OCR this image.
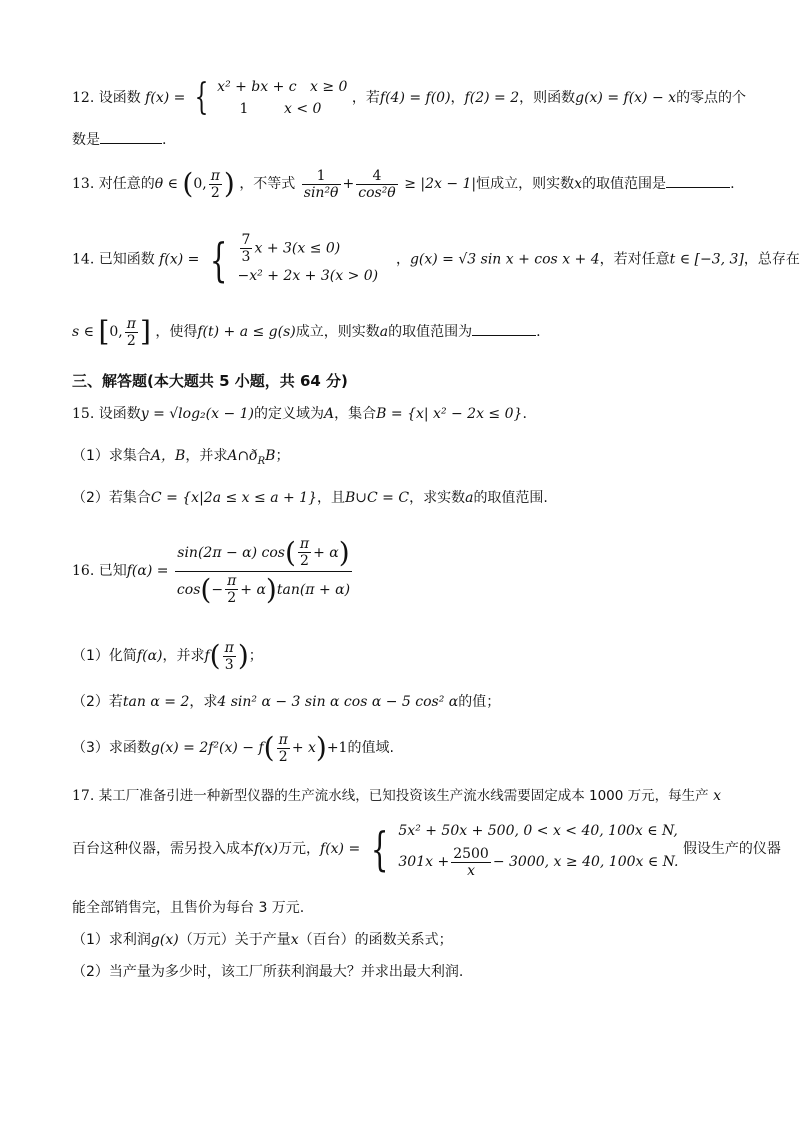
12. 设函数 f(x) = { x² + bx + c x ≥ 0
1	x < 0
，若f(4) = f(0)，f(2) = 2，则函数g(x) = f(x) − x的零点的个
数是	.
13. 对任意的θ ∈ (0, $\frac{\pi}{2}$ ) ，不等式 $\frac{1}{\text{sin²θ}} + \frac{4}{\text{cos²θ}} \ge |2x - 1|$恒成立，则实数x的取值范围是	.
14. 已知函数 f(x) = { $\frac{7}{3}$ x + 3(x ≤ 0)
−x² + 2x + 3(x > 0)
，g(x) = √3 sin x + cos x + 4，若对任意t ∈ [−3, 3]，总存在
s ∈ [0, $\frac{\pi}{2}$ ] ，使得f(t) + a ≤ g(s)成立，则实数a的取值范围为	.
三、解答题(本大题共 5 小题，共 64 分)
15. 设函数y = √log₂(x − 1)的定义域为A，集合B = {x| x² − 2x ≤ 0}.
（1）求集合A，B，并求$A\cap ð_RB$；
（2）若集合C = {x|2a ≤ x ≤ a + 1}，且B∪C = C，求实数a的取值范围.
16. 已知$f(\alpha) = \frac{\sin(2\pi - \alpha) \cos( \frac{\pi}{2} + \alpha)}{\cos(- \frac{\pi}{2} + \alpha)\tan(\pi + \alpha)}$
（1）化简f(α)，并求$f( \frac{\pi}{3}$ )；
（2）若tan α = 2，求4 sin² α − 3 sin α cos α − 5 cos² α的值；
（3）求函数$g(x) = 2f^2(x) - f( \frac{\pi}{2} + x)+1$的值域.
17. 某工厂准备引进一种新型仪器的生产流水线，已知投资该生产流水线需要固定成本 1000 万元，每生产 x
百台这种仪器，需另投入成本f(x)万元，f(x) = { 5x² + 50x + 500, 0 < x < 40, 100x ∈ N,
$301x + \frac{2500}{x} - 3000$, x ≥ 40, 100x ∈ N.
假设生产的仪器
能全部销售完，且售价为每台 3 万元.
（1）求利润g(x)（万元）关于产量x（百台）的函数关系式；
（2）当产量为多少时，该工厂所获利润最大？并求出最大利润.
